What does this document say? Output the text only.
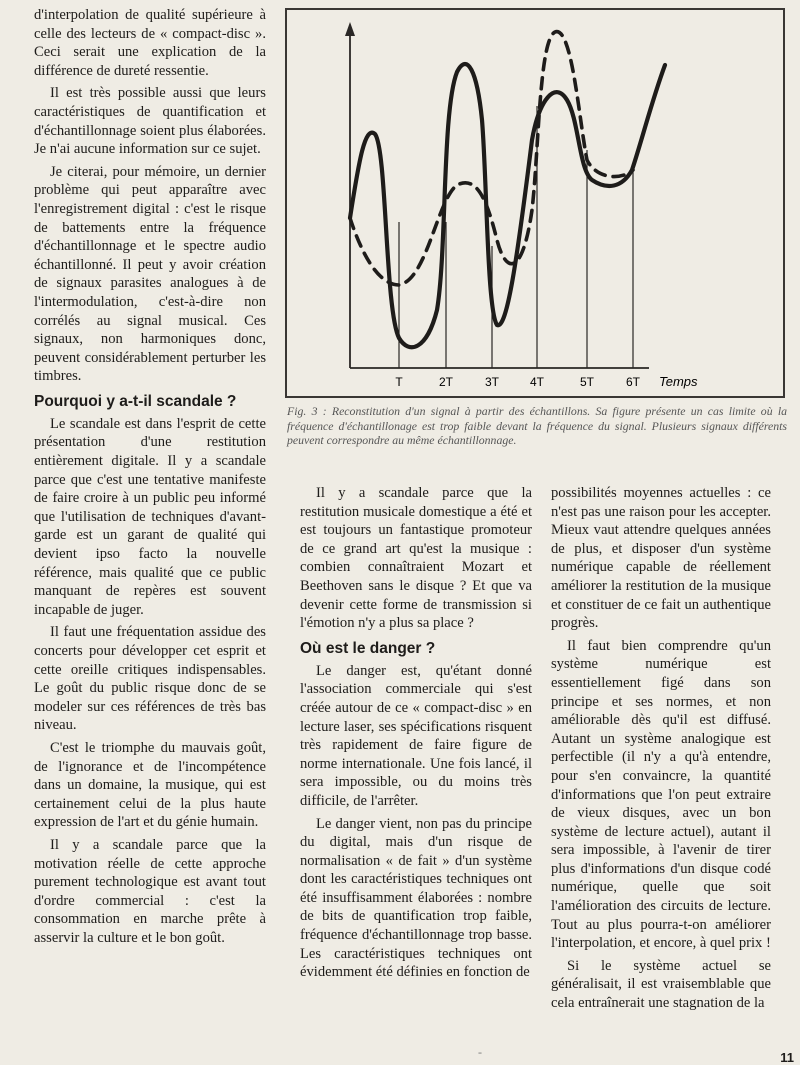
d'interpolation de qualité supérieure à celle des lecteurs de « compact-disc ». Ceci serait une explication de la différence de dureté ressentie.

Il est très possible aussi que leurs caractéristiques de quantification et d'échantillonnage soient plus élaborées. Je n'ai aucune information sur ce sujet.

Je citerai, pour mémoire, un dernier problème qui peut apparaître avec l'enregistrement digital : c'est le risque de battements entre la fréquence d'échantillonnage et le spectre audio échantillonné. Il peut y avoir création de signaux parasites analogues à de l'intermodulation, c'est-à-dire non corrélés au signal musical. Ces signaux, non harmoniques donc, peuvent considérablement perturber les timbres.

Pourquoi y a-t-il scandale ?

Le scandale est dans l'esprit de cette présentation d'une restitution entièrement digitale. Il y a scandale parce que c'est une tentative manifeste de faire croire à un public peu informé que l'utilisation de techniques d'avant-garde est un garant de qualité qui devient ipso facto la nouvelle référence, mais qualité que ce public manquant de repères est souvent incapable de juger.

Il faut une fréquentation assidue des concerts pour développer cet esprit et cette oreille critiques indispensables. Le goût du public risque donc de se modeler sur ces références de très bas niveau.

C'est le triomphe du mauvais goût, de l'ignorance et de l'incompétence dans un domaine, la musique, qui est certainement celui de la plus haute expression de l'art et du génie humain.

Il y a scandale parce que la motivation réelle de cette approche purement technologique est avant tout d'ordre commercial : c'est la consommation en marche prête à asservir la culture et le bon goût.

T	2T	3T	4T	5T	6T Temps
Fig. 3 : Reconstitution d'un signal à partir des échantillons. Sa figure présente un cas limite où la fréquence d'échantillonage est trop faible devant la fréquence du signal. Plusieurs signaux différents peuvent correspondre au même échantillonnage.

Il y a scandale parce que la restitution musicale domestique a été et est toujours un fantastique promoteur de ce grand art qu'est la musique : combien connaîtraient Mozart et Beethoven sans le disque ? Et que va devenir cette forme de transmission si l'émotion n'y a plus sa place ?

Où est le danger ?

Le danger est, qu'étant donné l'association commerciale qui s'est créée autour de ce « compact-disc » en lecture laser, ses spécifications risquent très rapidement de faire figure de norme internationale. Une fois lancé, il sera impossible, ou du moins très difficile, de l'arrêter.

Le danger vient, non pas du principe du digital, mais d'un risque de normalisation « de fait » d'un système dont les caractéristiques techniques ont été insuffisamment élaborées : nombre de bits de quantification trop faible, fréquence d'échantillonnage trop basse. Les caractéristiques techniques ont évidemment été définies en fonction de

possibilités moyennes actuelles : ce n'est pas une raison pour les accepter. Mieux vaut attendre quelques années de plus, et disposer d'un système numérique capable de réellement améliorer la restitution de la musique et constituer de ce fait un authentique progrès.

Il faut bien comprendre qu'un système numérique est essentiellement figé dans son principe et ses normes, et non améliorable dès qu'il est diffusé. Autant un système analogique est perfectible (il n'y a qu'à entendre, pour s'en convaincre, la quantité d'informations que l'on peut extraire de vieux disques, avec un bon système de lecture actuel), autant il sera impossible, à l'avenir de tirer plus d'informations d'un disque codé numérique, quelle que soit l'amélioration des circuits de lecture. Tout au plus pourra-t-on améliorer l'interpolation, et encore, à quel prix !

Si le système actuel se généralisait, il est vraisemblable que cela entraînerait une stagnation de la

-	11
